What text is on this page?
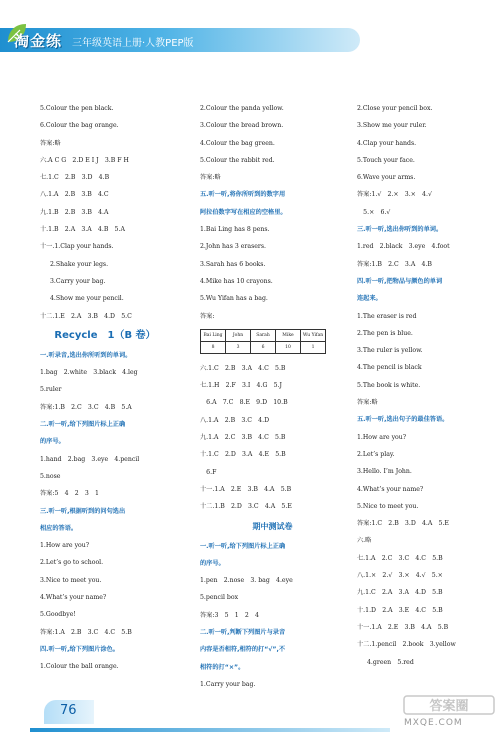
淘金练 三年级英语上册·人教PEP版
5.Colour the pen black.
6.Colour the bag orange.
答案:略
六.A C G　2.D E I J　3.B F H
七.1.C　2.B　3.D　4.B
八.1.A　2.B　3.B　4.C
九.1.B　2.B　3.B　4.A
十.1.B　2.A　3.A　4.B　5.A
十一.1.Clap your hands.
2.Shake your legs.
3.Carry your bag.
4.Show me your pencil.
十二.1.E　2.A　3.B　4.D　5.C
Recycle　1（B 卷）
一.听录音,选出你所听到的单词。
1.bag　2.white　3.black　4.leg
5.ruler
答案:1.B　2.C　3.C　4.B　5.A
二.听一听,给下列图片标上正确
的序号。
1.hand　2.bag　3.eye　4.pencil
5.nose
答案:5　4　2　3　1
三.听一听,根据听到的问句选出
相应的答语。
1.How are you?
2.Let’s go to school.
3.Nice to meet you.
4.What’s your name?
5.Goodbye!
答案:1.A　2.B　3.C　4.C　5.B
四.听一听,给下列图片涂色。
1.Colour the ball orange.
2.Colour the panda yellow.
3.Colour the bread brown.
4.Colour the bag green.
5.Colour the rabbit red.
答案:略
五.听一听,将你所听到的数字用
阿拉伯数字写在相应的空格里。
1.Bai Ling has 8 pens.
2.John has 3 erasers.
3.Sarah has 6 books.
4.Mike has 10 crayons.
5.Wu Yifan has a bag.
答案:
Bai Ling	John	Sarah	Mike	Wu Yifan
8	3	6	10	1
六.1.C　2.B　3.A　4.C　5.B
七.1.H　2.F　3.I　4.G　5.J
　6.A　7.C　8.E　9.D　10.B
八.1.A　2.B　3.C　4.D
九.1.A　2.C　3.B　4.C　5.B
十.1.C　2.D　3.A　4.E　5.B
　6.F
十一.1.A　2.E　3.B　4.A　5.B
十二.1.B　2.D　3.C　4.A　5.E
期中测试卷
一.听一听,给下列图片标上正确
的序号。
1.pen　2.nose　3. bag　4.eye
5.pencil box
答案:3　5　1　2　4
二.听一听,判断下列图片与录音
内容是否相符,相符的打“√”,不
相符的打“×”。
1.Carry your bag.
2.Close your pencil box.
3.Show me your ruler.
4.Clap your hands.
5.Touch your face.
6.Wave your arms.
答案:1.√　2.×　3.×　4.√
　5.×　6.√
三.听一听,选出你听到的单词。
1.red　2.black　3.eye　4.foot
答案:1.B　2.C　3.A　4.B
四.听一听,把物品与颜色的单词
连起来。
1.The eraser is red
2.The pen is blue.
3.The ruler is yellow.
4.The pencil is black
5.The book is white.
答案:略
五.听一听,选出句子的最佳答语。
1.How are you?
2.Let’s play.
3.Hello. I’m John.
4.What’s your name?
5.Nice to meet you.
答案:1.C　2.B　3.D　4.A　5.E
六.略
七.1.A　2.C　3.C　4.C　5.B
八.1.×　2.√　3.×　4.√　5.×
九.1.C　2.A　3.A　4.D　5.B
十.1.D　2.A　3.E　4.C　5.B
十一.1.A　2.E　3.B　4.A　5.B
十二.1.pencil　2.book　3.yellow
4.green　5.red
76	答案圈
MXQE.COM
